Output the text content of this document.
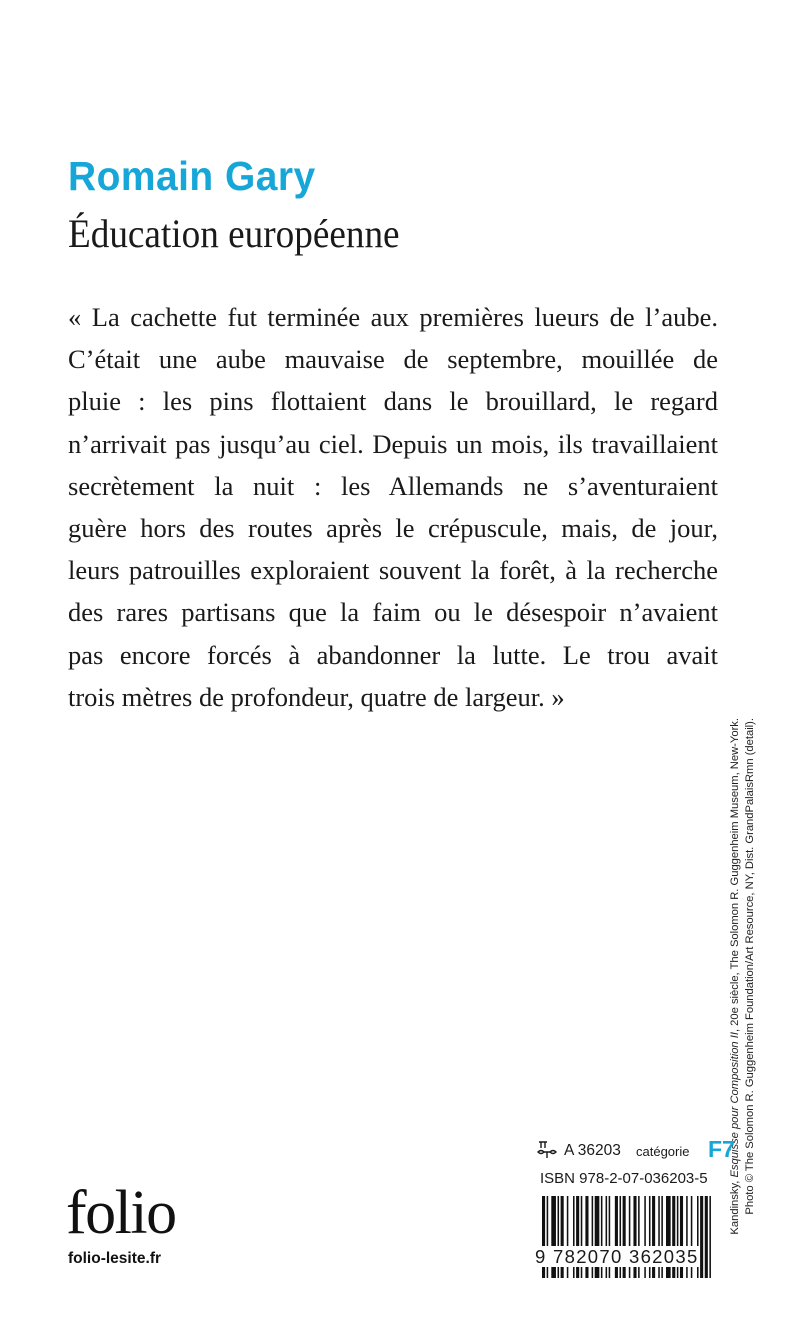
Romain Gary
Éducation européenne
« La cachette fut terminée aux premières lueurs de l’aube.
C’était une aube mauvaise de septembre, mouillée de
pluie : les pins flottaient dans le brouillard, le regard
n’arrivait pas jusqu’au ciel. Depuis un mois, ils travaillaient
secrètement la nuit : les Allemands ne s’aventuraient
guère hors des routes après le crépuscule, mais, de jour,
leurs patrouilles exploraient souvent la forêt, à la recherche
des rares partisans que la faim ou le désespoir n’avaient
pas encore forcés à abandonner la lutte. Le trou avait
trois mètres de profondeur, quatre de largeur. »
Kandinsky, Esquisse pour Composition II, 20e siècle, The Solomon R. Guggenheim Museum, New-York. Photo © The Solomon R. Guggenheim Foundation/Art Resource, NY, Dist. GrandPalaisRmn (detail).
A 36203 catégorie F7
ISBN 978-2-07-036203-5
9 782070 362035
folio
folio-lesite.fr
